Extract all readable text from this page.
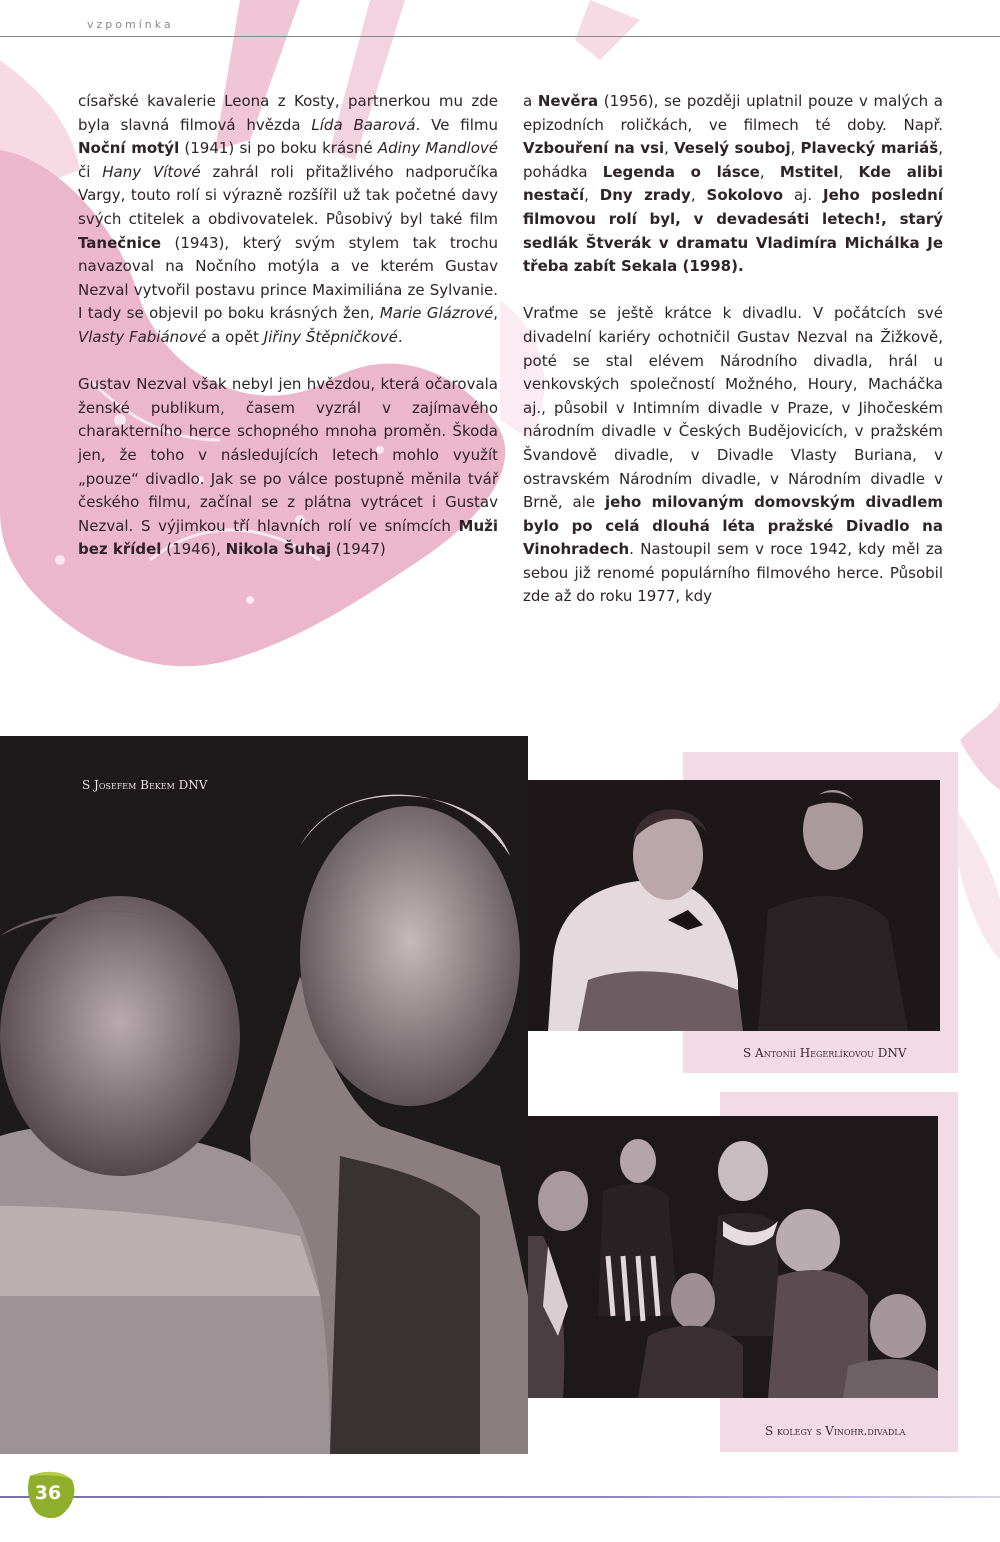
vzpomínka

císařské kavalerie Leona z Kosty, partnerkou mu zde byla slavná filmová hvězda Lída Baarová. Ve filmu Noční motýl (1941) si po boku krásné Adiny Mandlové či Hany Vítové zahrál roli přitažlivého nadporučíka Vargy, touto rolí si výrazně rozšířil už tak početné davy svých ctitelek a obdivovatelek. Působivý byl také film Tanečnice (1943), který svým stylem tak trochu navazoval na Nočního motýla a ve kterém Gustav Nezval vytvořil postavu prince Maximiliána ze Sylvanie. I tady se objevil po boku krásných žen, Marie Glázrové, Vlasty Fabiánové a opět Jiřiny Štěpničkové.

Gustav Nezval však nebyl jen hvězdou, která očarovala ženské publikum, časem vyzrál v zajímavého charakterního herce schopného mnoha proměn. Škoda jen, že toho v následujících letech mohlo využít „pouze“ divadlo. Jak se po válce postupně měnila tvář českého filmu, začínal se z plátna vytrácet i Gustav Nezval. S výjimkou tří hlavních rolí ve snímcích Muži bez křídel (1946), Nikola Šuhaj (1947)

a Nevěra (1956), se později uplatnil pouze v malých a epizodních roličkách, ve filmech té doby. Např. Vzbouření na vsi, Veselý souboj, Plavecký mariáš, pohádka Legenda o lásce, Mstitel, Kde alibi nestačí, Dny zrady, Sokolovo aj. Jeho poslední filmovou rolí byl, v devadesáti letech!, starý sedlák Štverák v dramatu Vladimíra Michálka Je třeba zabít Sekala (1998).

Vraťme se ještě krátce k divadlu. V počátcích své divadelní kariéry ochotničil Gustav Nezval na Žižkově, poté se stal elévem Národního divadla, hrál u venkovských společností Možného, Houry, Macháčka aj., působil v Intimním divadle v Praze, v Jihočeském národním divadle v Českých Budějovicích, v pražském Švandově divadle, v Divadle Vlasty Buriana, v ostravském Národním divadle, v Národním divadle v Brně, ale jeho milovaným domovským divadlem bylo po celá dlouhá léta pražské Divadlo na Vinohradech. Nastoupil sem v roce 1942, kdy měl za sebou již renomé populárního filmového herce. Působil zde až do roku 1977, kdy

S Josefem Bekem DNV
S Antonií Hegerlíkovou DNV
S kolegy s Vinohr.divadla
36
